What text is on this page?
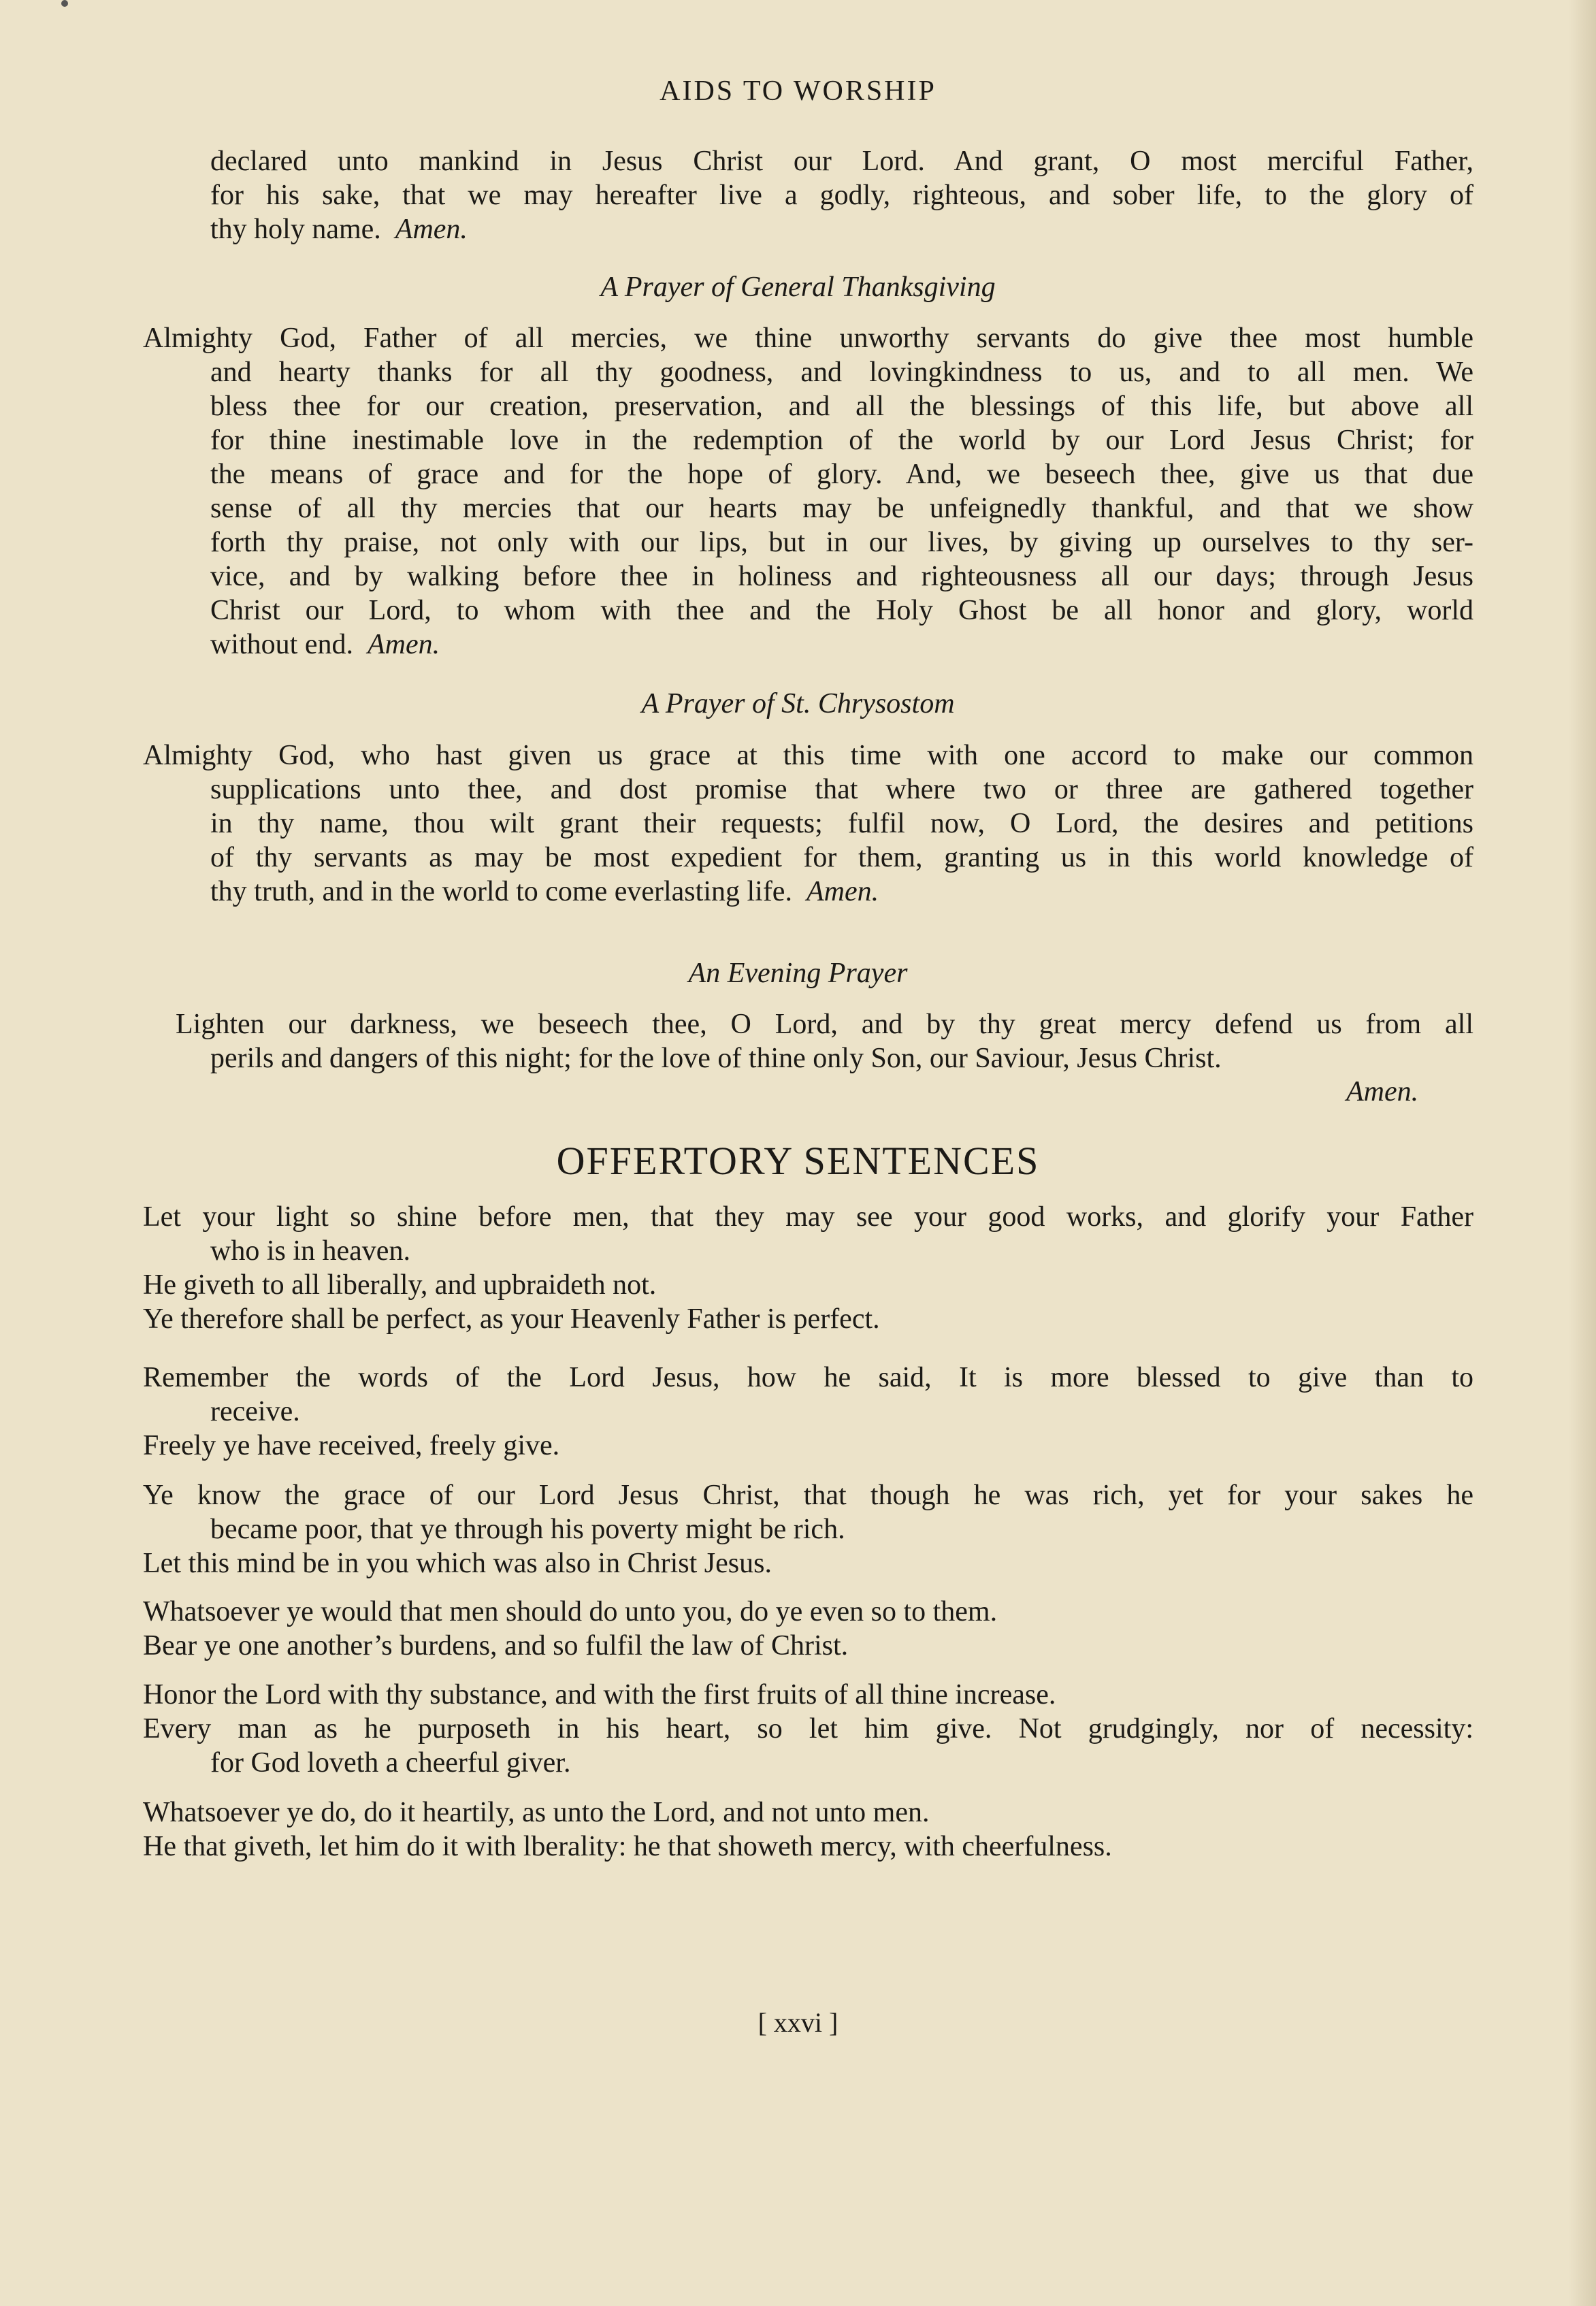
AIDS TO WORSHIP
declared unto mankind in Jesus Christ our Lord. And grant, O most merciful Father,
for his sake, that we may hereafter live a godly, righteous, and sober life, to the glory of
thy holy name. Amen.
A Prayer of General Thanksgiving
Almighty God, Father of all mercies, we thine unworthy servants do give thee most humble
and hearty thanks for all thy goodness, and lovingkindness to us, and to all men. We
bless thee for our creation, preservation, and all the blessings of this life, but above all
for thine inestimable love in the redemption of the world by our Lord Jesus Christ; for
the means of grace and for the hope of glory. And, we beseech thee, give us that due
sense of all thy mercies that our hearts may be unfeignedly thankful, and that we show
forth thy praise, not only with our lips, but in our lives, by giving up ourselves to thy ser-
vice, and by walking before thee in holiness and righteousness all our days; through Jesus
Christ our Lord, to whom with thee and the Holy Ghost be all honor and glory, world
without end. Amen.
A Prayer of St. Chrysostom
Almighty God, who hast given us grace at this time with one accord to make our common
supplications unto thee, and dost promise that where two or three are gathered together
in thy name, thou wilt grant their requests; fulfil now, O Lord, the desires and petitions
of thy servants as may be most expedient for them, granting us in this world knowledge of
thy truth, and in the world to come everlasting life. Amen.
An Evening Prayer
Lighten our darkness, we beseech thee, O Lord, and by thy great mercy defend us from all
perils and dangers of this night; for the love of thine only Son, our Saviour, Jesus Christ.
Amen.
OFFERTORY SENTENCES
Let your light so shine before men, that they may see your good works, and glorify your Father
who is in heaven.
He giveth to all liberally, and upbraideth not.
Ye therefore shall be perfect, as your Heavenly Father is perfect.
Remember the words of the Lord Jesus, how he said, It is more blessed to give than to
receive.
Freely ye have received, freely give.
Ye know the grace of our Lord Jesus Christ, that though he was rich, yet for your sakes he
became poor, that ye through his poverty might be rich.
Let this mind be in you which was also in Christ Jesus.
Whatsoever ye would that men should do unto you, do ye even so to them.
Bear ye one another’s burdens, and so fulfil the law of Christ.
Honor the Lord with thy substance, and with the first fruits of all thine increase.
Every man as he purposeth in his heart, so let him give. Not grudgingly, nor of necessity:
for God loveth a cheerful giver.
Whatsoever ye do, do it heartily, as unto the Lord, and not unto men.
He that giveth, let him do it with lberality: he that showeth mercy, with cheerfulness.
[ xxvi ]
